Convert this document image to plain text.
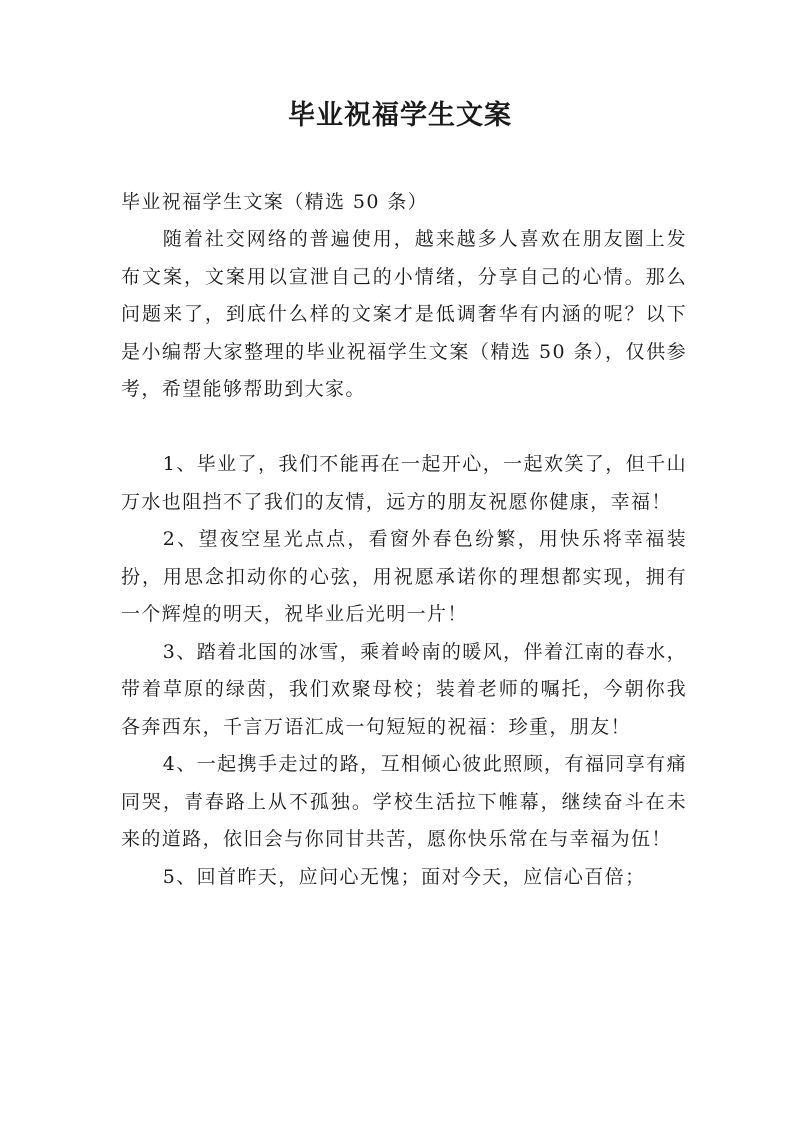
毕业祝福学生文案

毕业祝福学生文案（精选 50 条）

随着社交网络的普遍使用，越来越多人喜欢在朋友圈上发布文案，文案用以宣泄自己的小情绪，分享自己的心情。那么问题来了，到底什么样的文案才是低调奢华有内涵的呢？以下是小编帮大家整理的毕业祝福学生文案（精选 50 条），仅供参考，希望能够帮助到大家。

1、毕业了，我们不能再在一起开心，一起欢笑了，但千山万水也阻挡不了我们的友情，远方的朋友祝愿你健康，幸福！

2、望夜空星光点点，看窗外春色纷繁，用快乐将幸福装扮，用思念扣动你的心弦，用祝愿承诺你的理想都实现，拥有一个辉煌的明天，祝毕业后光明一片！

3、踏着北国的冰雪，乘着岭南的暖风，伴着江南的春水，带着草原的绿茵，我们欢聚母校；装着老师的嘱托，今朝你我各奔西东，千言万语汇成一句短短的祝福：珍重，朋友！

4、一起携手走过的路，互相倾心彼此照顾，有福同享有痛同哭，青春路上从不孤独。学校生活拉下帷幕，继续奋斗在未来的道路，依旧会与你同甘共苦，愿你快乐常在与幸福为伍！

5、回首昨天，应问心无愧；面对今天，应信心百倍；
